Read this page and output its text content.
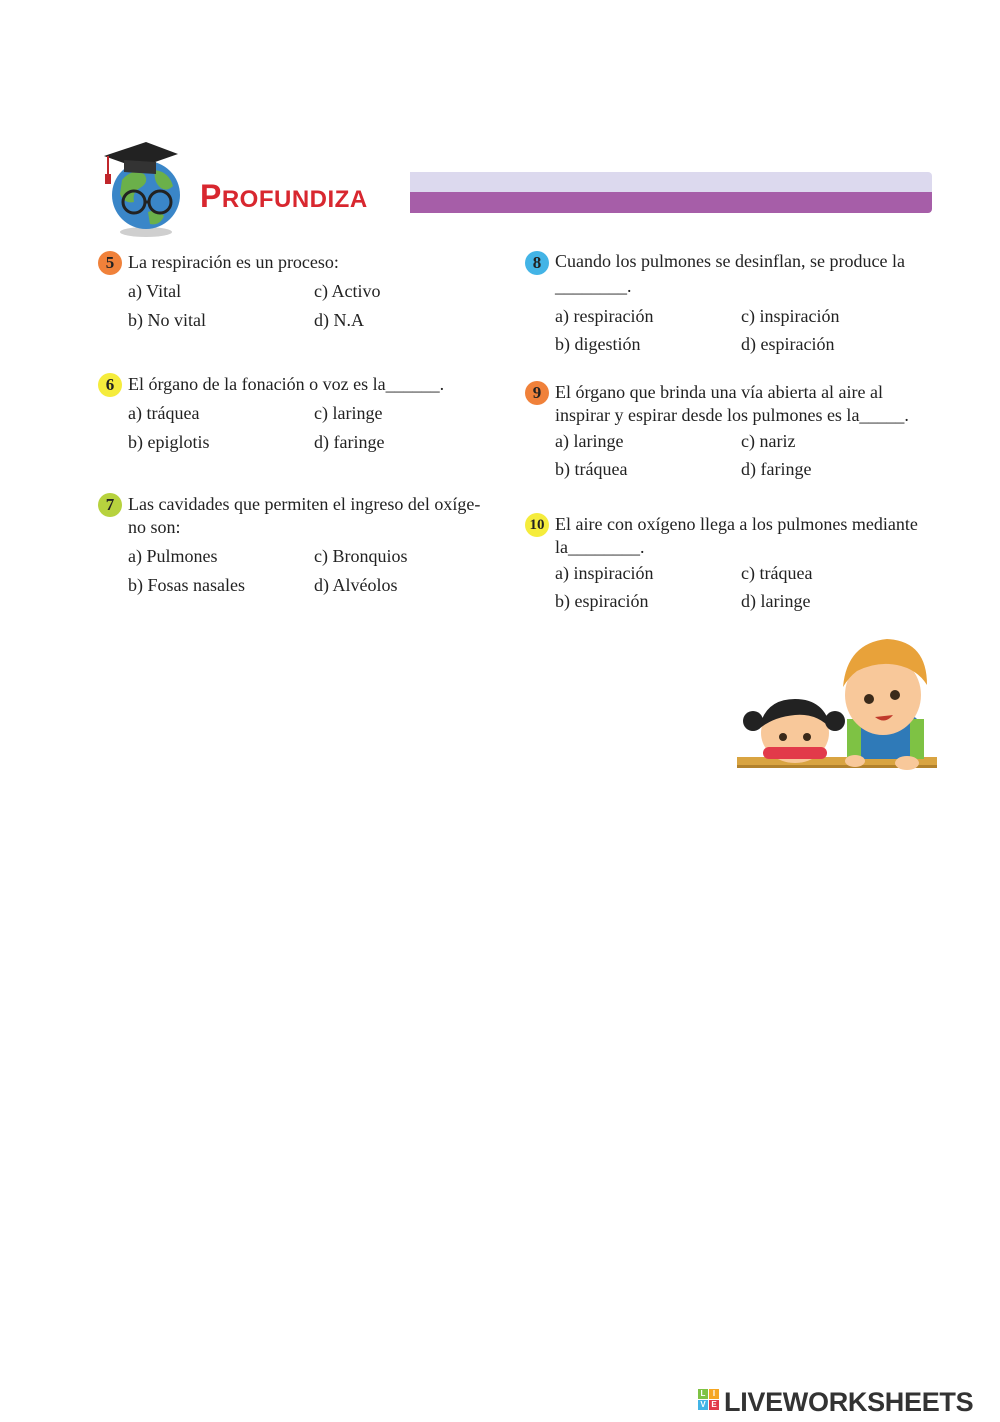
PROFUNDIZA
5 La respiración es un proceso:
a) Vital	c) Activo
b) No vital	d) N.A
6 El órgano de la fonación o voz es la______.
a) tráquea	c) laringe
b) epiglotis	d) faringe
7 Las cavidades que permiten el ingreso del oxíge-
no son:
a) Pulmones	c) Bronquios
b) Fosas nasales	d) Alvéolos
8 Cuando los pulmones se desinflan, se produce la
________.
a) respiración	c) inspiración
b) digestión	d) espiración
9 El órgano que brinda una vía abierta al aire al
inspirar y espirar desde los pulmones es la_____.
a) laringe	c) nariz
b) tráquea	d) faringe
10 El aire con oxígeno llega a los pulmones mediante
la________.
a) inspiración	c) tráquea
b) espiración	d) laringe
L I
V E LIVEWORKSHEETS
